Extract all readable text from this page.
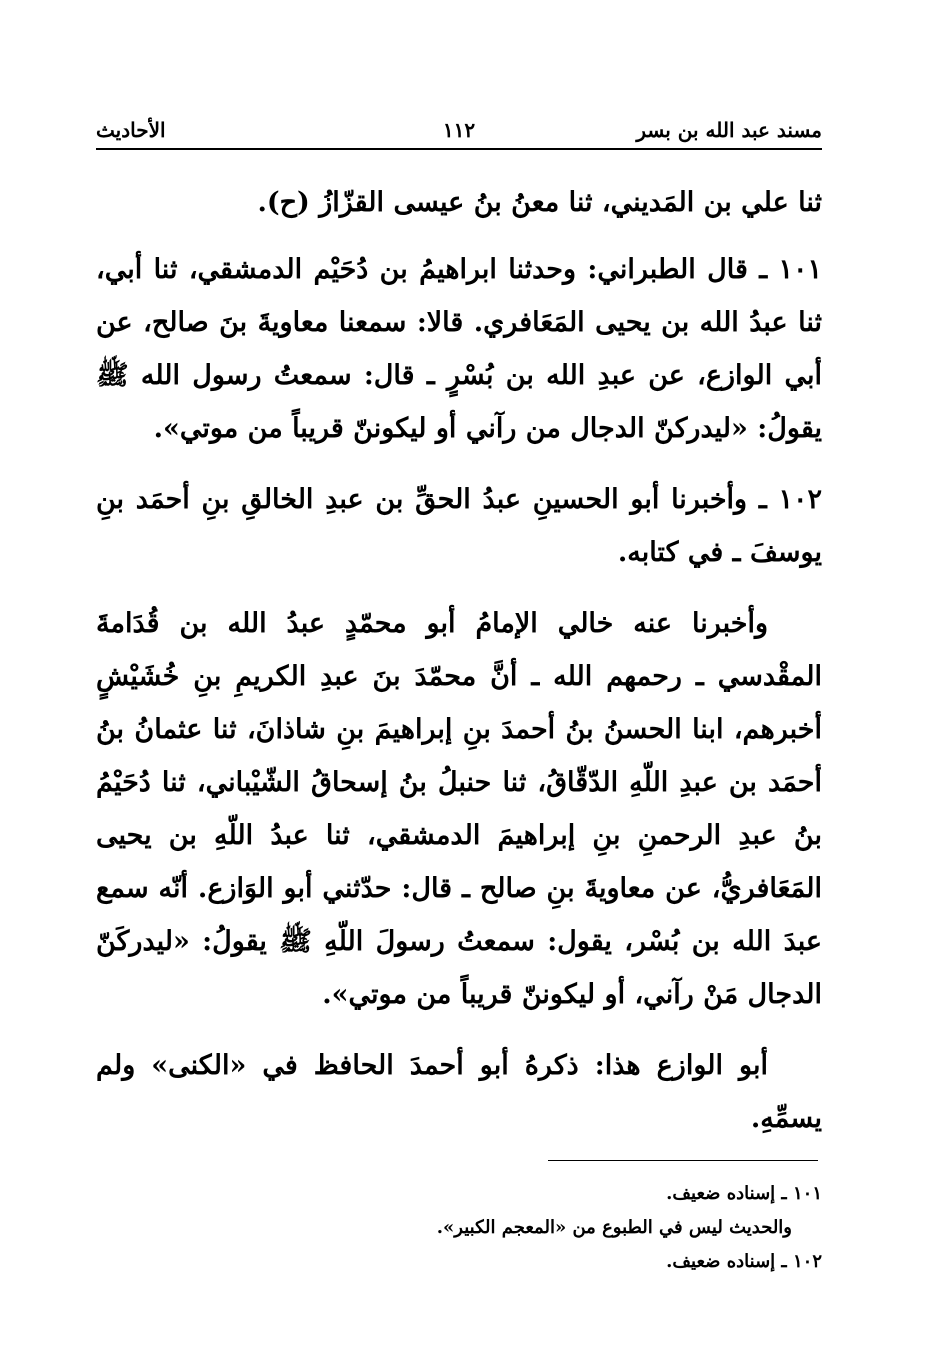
مسند عبد الله بن بسر
١١٢
الأحاديث

ثنا علي بن المَديني، ثنا معنُ بنُ عيسى القزّازُ (ح).

١٠١ ـ قال الطبراني: وحدثنا ابراهيمُ بن دُحَيْم الدمشقي، ثنا أبي، ثنا عبدُ الله بن يحيى المَعَافري. قالا: سمعنا معاويةَ بنَ صالح، عن أبي الوازع، عن عبدِ الله بن بُسْرٍ ـ قال: سمعتُ رسول الله ﷺ يقولُ: «ليدركنّ الدجال من رآني أو ليكوننّ قريباً من موتي».

١٠٢ ـ وأخبرنا أبو الحسينِ عبدُ الحقِّ بن عبدِ الخالقِ بنِ أحمَد بنِ يوسفَ ـ في كتابه.

وأخبرنا عنه خالي الإمامُ أبو محمّدٍ عبدُ الله بن قُدَامةَ المقْدسي ـ رحمهم الله ـ أنَّ محمّدَ بنَ عبدِ الكريمِ بنِ خُشَيْشٍ أخبرهم، ابنا الحسنُ بنُ أحمدَ بنِ إبراهيمَ بنِ شاذانَ، ثنا عثمانُ بنُ أحمَد بن عبدِ اللّهِ الدّقّاقُ، ثنا حنبلُ بنُ إسحاقُ الشّيْباني، ثنا دُحَيْمُ بنُ عبدِ الرحمنِ بنِ إبراهيمَ الدمشقي، ثنا عبدُ اللّهِ بن يحيى المَعَافريُّ، عن معاويةَ بنِ صالح ـ قال: حدّثني أبو الوَازع. أنّه سمع عبدَ الله بن بُسْر، يقول: سمعتُ رسولَ اللّهِ ﷺ يقولُ: «ليدركَنّ الدجال مَنْ رآني، أو ليكوننّ قريباً من موتي».

أبو الوازع هذا: ذكرهُ أبو أحمدَ الحافظ في «الكنى» ولم يسمِّهِ.

١٠١ ـ إسناده ضعيف.
والحديث ليس في الطبوع من «المعجم الكبير».
١٠٢ ـ إسناده ضعيف.
